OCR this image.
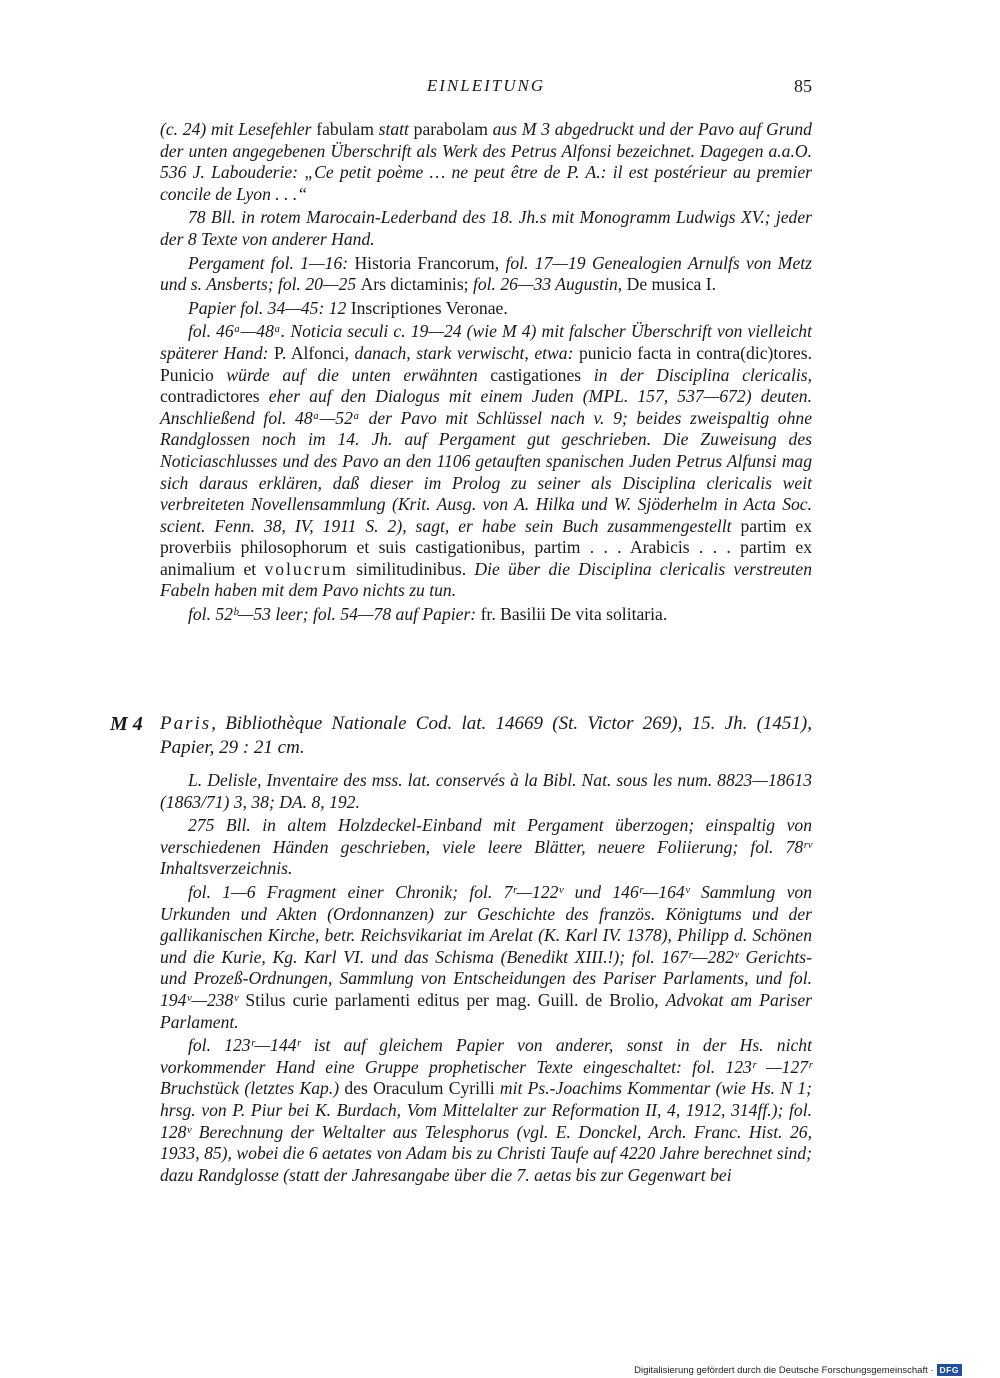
EINLEITUNG	85

(c. 24) mit Lesefehler fabulam statt parabolam aus M 3 abgedruckt und der Pavo auf Grund der unten angegebenen Überschrift als Werk des Petrus Alfonsi bezeichnet. Dagegen a.a.O. 536 J. Labouderie: „Ce petit poème … ne peut être de P. A.: il est postérieur au premier concile de Lyon . . .“

78 Bll. in rotem Marocain-Lederband des 18. Jh.s mit Monogramm Ludwigs XV.; jeder der 8 Texte von anderer Hand.

Pergament fol. 1—16: Historia Francorum, fol. 17—19 Genealogien Arnulfs von Metz und s. Ansberts; fol. 20—25 Ars dictaminis; fol. 26—33 Augustin, De musica I.

Papier fol. 34—45: 12 Inscriptiones Veronae.

fol. 46ᵃ—48ᵃ. Noticia seculi c. 19—24 (wie M 4) mit falscher Überschrift von vielleicht späterer Hand: P. Alfonci, danach, stark verwischt, etwa: punicio facta in contra(dic)tores. Punicio würde auf die unten erwähnten castigationes in der Disciplina clericalis, contradictores eher auf den Dialogus mit einem Juden (MPL. 157, 537—672) deuten. Anschließend fol. 48ᵃ—52ᵃ der Pavo mit Schlüssel nach v. 9; beides zweispaltig ohne Randglossen noch im 14. Jh. auf Pergament gut geschrieben. Die Zuweisung des Noticiaschlusses und des Pavo an den 1106 getauften spanischen Juden Petrus Alfunsi mag sich daraus erklären, daß dieser im Prolog zu seiner als Disciplina clericalis weit verbreiteten Novellensammlung (Krit. Ausg. von A. Hilka und W. Sjöderhelm in Acta Soc. scient. Fenn. 38, IV, 1911 S. 2), sagt, er habe sein Buch zusammengestellt partim ex proverbiis philosophorum et suis castigationibus, partim . . . Arabicis . . . partim ex animalium et volucrum similitudinibus. Die über die Disciplina clericalis verstreuten Fabeln haben mit dem Pavo nichts zu tun.

fol. 52ᵇ—53 leer; fol. 54—78 auf Papier: fr. Basilii De vita solitaria.

M 4 Paris, Bibliothèque Nationale Cod. lat. 14669 (St. Victor 269), 15. Jh. (1451), Papier, 29 : 21 cm.

L. Delisle, Inventaire des mss. lat. conservés à la Bibl. Nat. sous les num. 8823—18613 (1863/71) 3, 38; DA. 8, 192.

275 Bll. in altem Holzdeckel-Einband mit Pergament überzogen; einspaltig von verschiedenen Händen geschrieben, viele leere Blätter, neuere Foliierung; fol. 78ʳᵛ Inhaltsverzeichnis.

fol. 1—6 Fragment einer Chronik; fol. 7ʳ—122ᵛ und 146ʳ—164ᵛ Sammlung von Urkunden und Akten (Ordonnanzen) zur Geschichte des französ. Königtums und der gallikanischen Kirche, betr. Reichsvikariat im Arelat (K. Karl IV. 1378), Philipp d. Schönen und die Kurie, Kg. Karl VI. und das Schisma (Benedikt XIII.!); fol. 167ʳ—282ᵛ Gerichts- und Prozeß-Ordnungen, Sammlung von Entscheidungen des Pariser Parlaments, und fol. 194ᵛ—238ᵛ Stilus curie parlamenti editus per mag. Guill. de Brolio, Advokat am Pariser Parlament.

fol. 123ʳ—144ʳ ist auf gleichem Papier von anderer, sonst in der Hs. nicht vorkommender Hand eine Gruppe prophetischer Texte eingeschaltet: fol. 123ʳ —127ʳ Bruchstück (letztes Kap.) des Oraculum Cyrilli mit Ps.-Joachims Kommentar (wie Hs. N 1; hrsg. von P. Piur bei K. Burdach, Vom Mittelalter zur Reformation II, 4, 1912, 314ff.); fol. 128ᵛ Berechnung der Weltalter aus Telesphorus (vgl. E. Donckel, Arch. Franc. Hist. 26, 1933, 85), wobei die 6 aetates von Adam bis zu Christi Taufe auf 4220 Jahre berechnet sind; dazu Randglosse (statt der Jahresangabe über die 7. aetas bis zur Gegenwart bei

Digitalisierung gefördert durch die Deutsche Forschungsgemeinschaft · DFG
